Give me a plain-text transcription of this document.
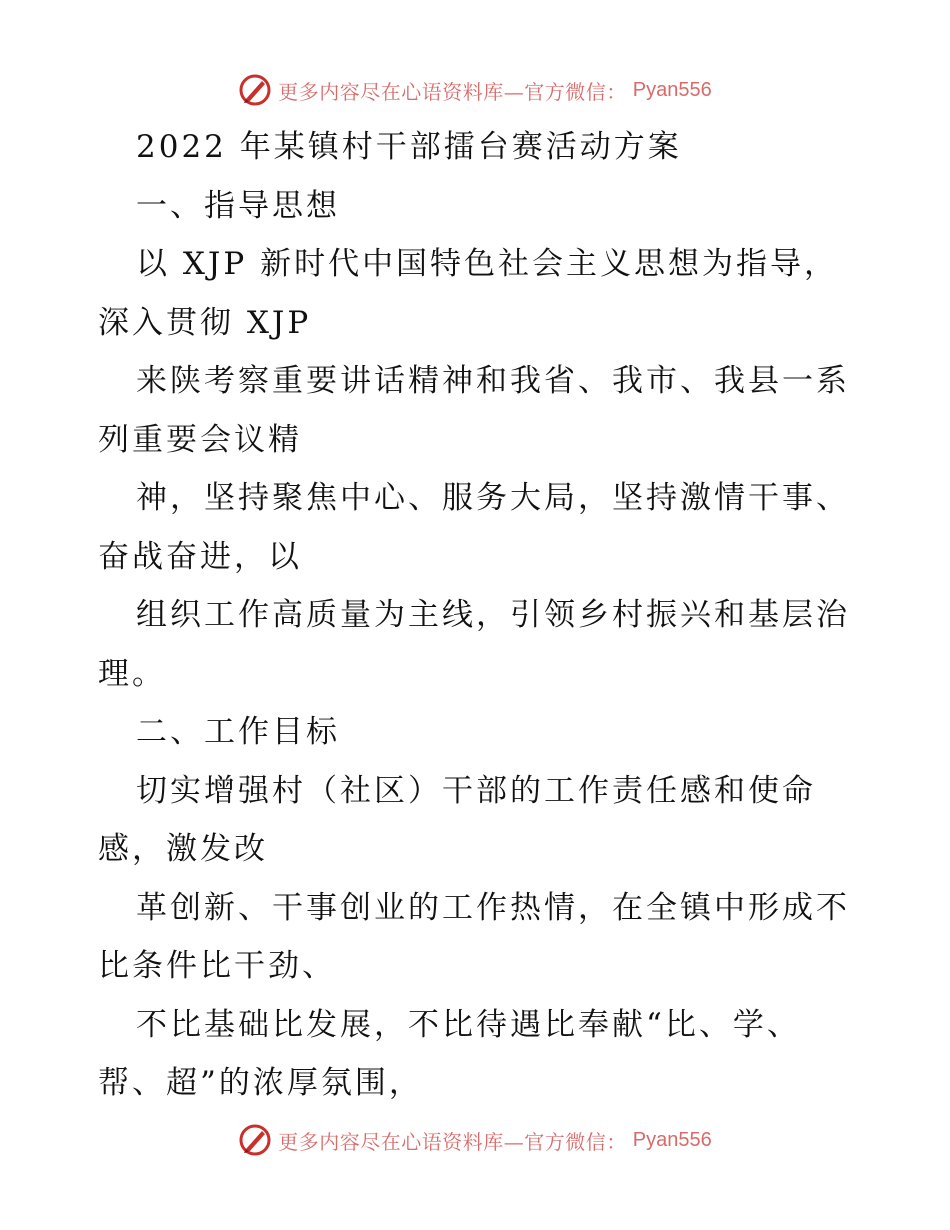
更多内容尽在心语资料库—官方微信： Pyan556
2022 年某镇村干部擂台赛活动方案
一、指导思想
以 XJP 新时代中国特色社会主义思想为指导，
深入贯彻 XJP
来陕考察重要讲话精神和我省、我市、我县一系
列重要会议精
神，坚持聚焦中心、服务大局，坚持激情干事、
奋战奋进，以
组织工作高质量为主线，引领乡村振兴和基层治
理。
二、工作目标
切实增强村（社区）干部的工作责任感和使命
感，激发改
革创新、干事创业的工作热情，在全镇中形成不
比条件比干劲、
不比基础比发展，不比待遇比奉献“比、学、
帮、超”的浓厚氛围，
更多内容尽在心语资料库—官方微信： Pyan556
